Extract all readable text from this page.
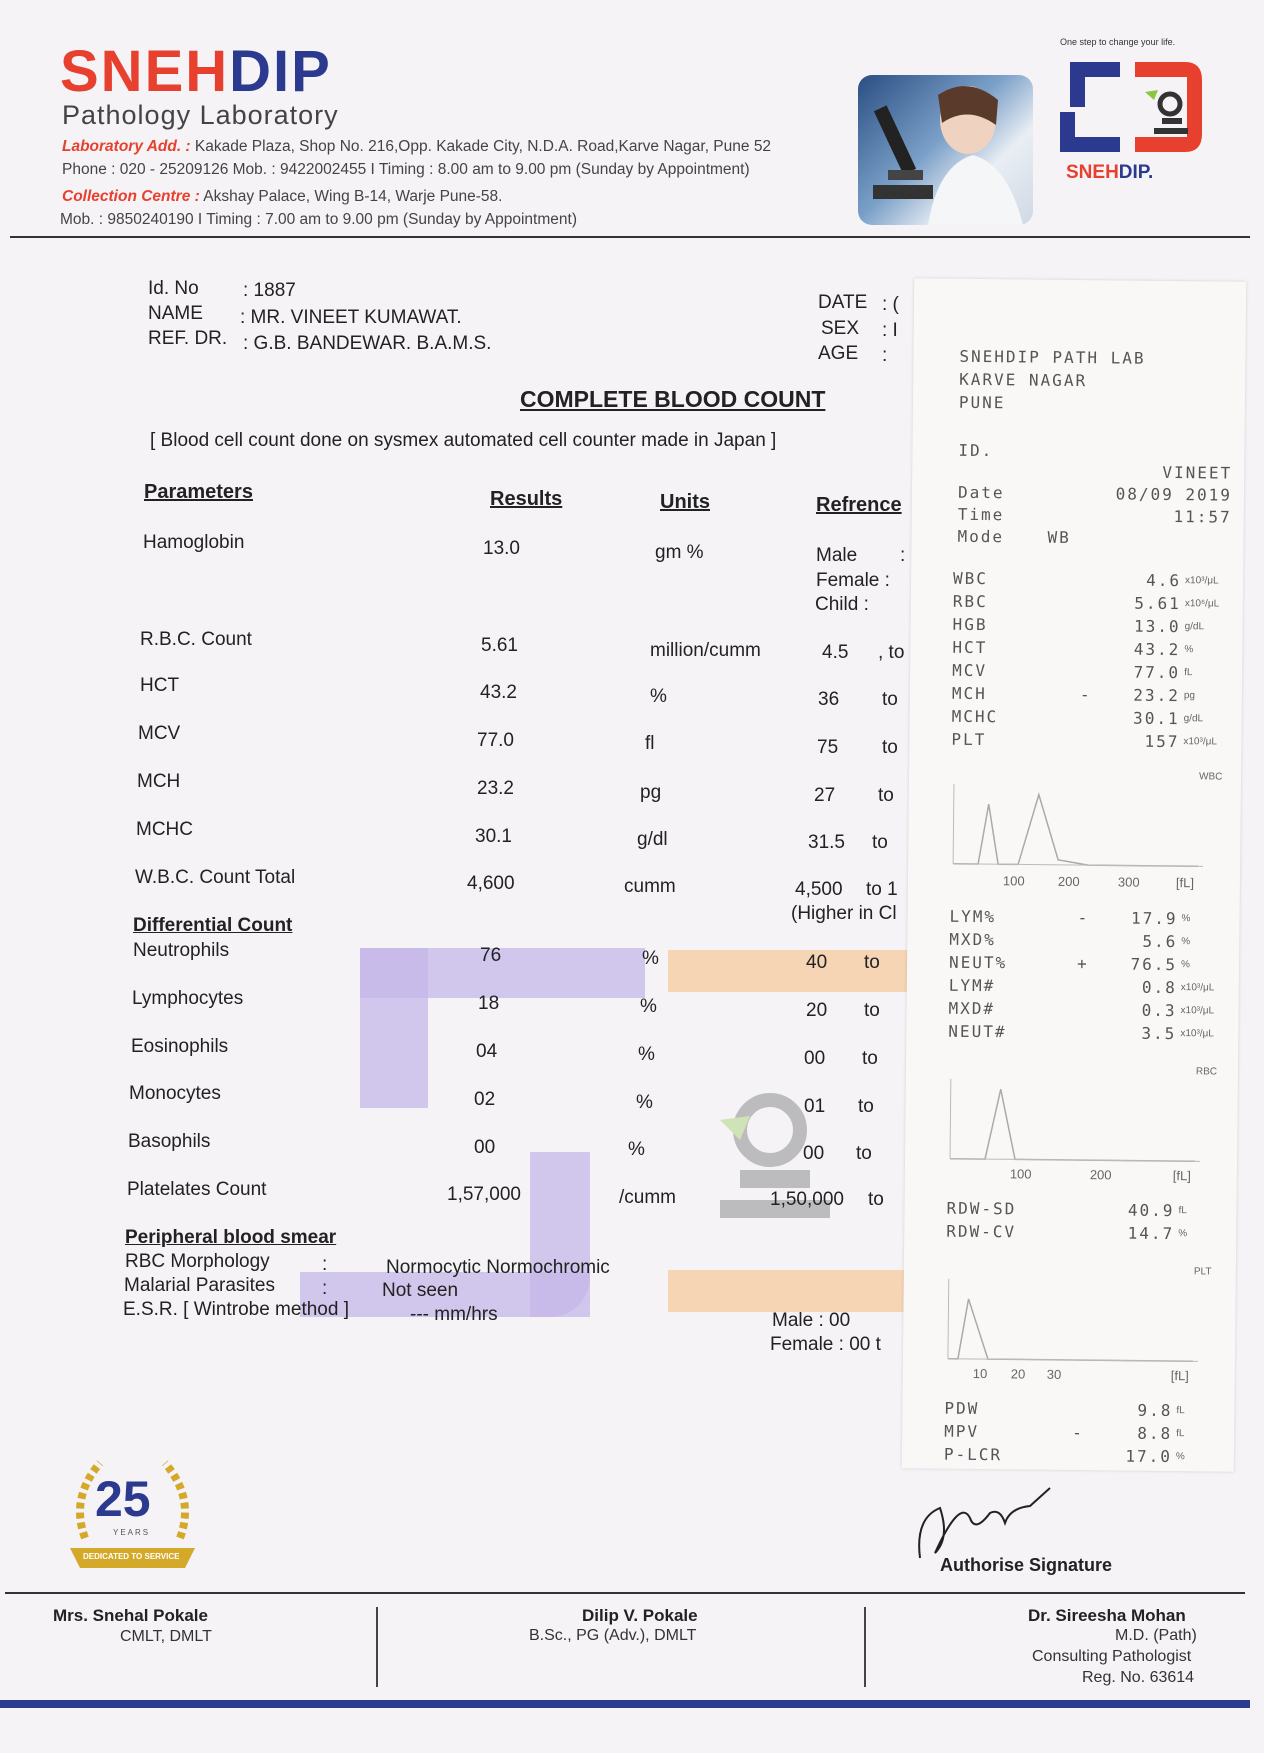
SNEHDIP
Pathology Laboratory
Laboratory Add. : Kakade Plaza, Shop No. 216,Opp. Kakade City, N.D.A. Road,Karve Nagar, Pune 52
Phone : 020 - 25209126 Mob. : 9422002455 I Timing : 8.00 am to 9.00 pm (Sunday by Appointment)
Collection Centre : Akshay Palace, Wing B-14, Warje Pune-58.
Mob. : 9850240190 I Timing : 7.00 am to 9.00 pm (Sunday by Appointment)
One step to change your life.
SNEHDIP.
Id. No : 1887
NAME : MR. VINEET KUMAWAT.
REF. DR. : G.B. BANDEWAR. B.A.M.S.
DATE : (
SEX : I
AGE :
COMPLETE BLOOD COUNT
[ Blood cell count done on sysmex automated cell counter made in Japan ]
Parameters	Results	Units	Refrence
Hamoglobin	13.0	gm %	Male :
Female :
Child :
R.B.C. Count	5.61	million/cumm	4.5 , to
HCT	43.2	%	36 to
MCV	77.0	fl	75 to
MCH	23.2	pg	27 to
MCHC	30.1	g/dl	31.5 to
W.B.C. Count Total	4,600	cumm	4,500 to 1
(Higher in Cl
Differential Count
Neutrophils	76	%	40 to
Lymphocytes	18	%	20 to
Eosinophils	04	%	00 to
Monocytes	02	%	01 to
Basophils	00	%	00 to
Platelates Count	1,57,000	/cumm	1,50,000 to
Peripheral blood smear
RBC Morphology	:	Normocytic Normochromic
Malarial Parasites :	Not seen
E.S.R. [ Wintrobe method ]	--- mm/hrs	Male : 00
Female : 00 t
SNEHDIP PATH LAB
KARVE NAGAR
PUNE
ID.
VINEET
Date	08/09 2019
Time	11:57
Mode	WB
WBC	4.6 x10³/μL
RBC	5.61 x10⁶/μL
HGB	13.0 g/dL
HCT	43.2 %
MCV	77.0 fL
MCH	-	23.2 pg
MCHC	30.1 g/dL
PLT	157 x10³/μL
WBC
100	200	300	[fL]
LYM%	-	17.9 %
MXD%	5.6 %
NEUT%	+	76.5 %
LYM#	0.8 x10³/μL
MXD#	0.3 x10³/μL
NEUT#	3.5 x10³/μL
RBC
100	200	[fL]
RDW-SD	40.9 fL
RDW-CV	14.7 %
PLT
10 20 30	[fL]
PDW	9.8 fL
MPV	-	8.8 fL
P-LCR	17.0 %
25
YEARS
DEDICATED TO SERVICE	Authorise Signature
Mrs. Snehal Pokale
CMLT, DMLT
Dilip V. Pokale
B.Sc., PG (Adv.), DMLT
Dr. Sireesha Mohan
M.D. (Path)
Consulting Pathologist
Reg. No. 63614
